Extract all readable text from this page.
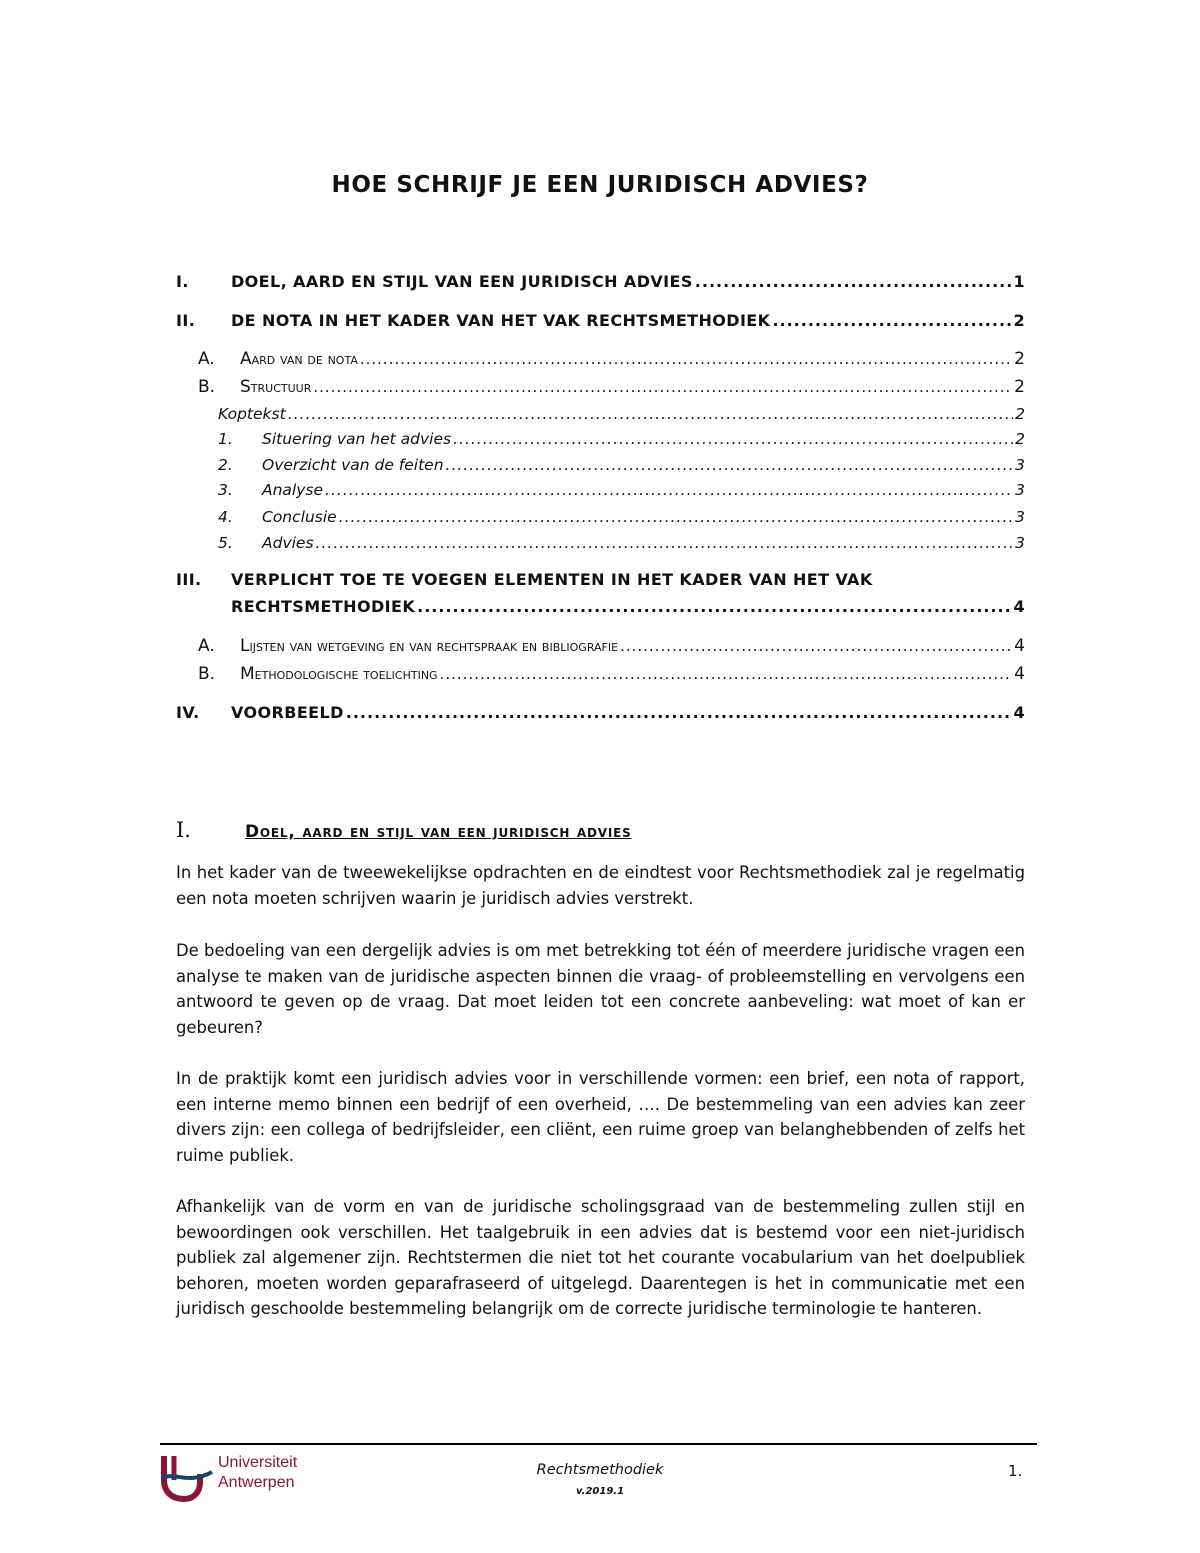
HOE SCHRIJF JE EEN JURIDISCH ADVIES?
I.	DOEL, AARD EN STIJL VAN EEN JURIDISCH ADVIES .....	1
II.	DE NOTA IN HET KADER VAN HET VAK RECHTSMETHODIEK .....	2
A.	Aard van de nota .....	2
B.	Structuur .....	2
Koptekst .....	2
1.	Situering van het advies .....	2
2.	Overzicht van de feiten .....	3
3.	Analyse .....	3
4.	Conclusie .....	3
5.	Advies .....	3
III.	VERPLICHT TOE TE VOEGEN ELEMENTEN IN HET KADER VAN HET VAK
RECHTSMETHODIEK .....	4
A.	Lijsten van wetgeving en van rechtspraak en bibliografie .....	4
B.	Methodologische toelichting .....	4
IV.	VOORBEELD .....	4
I.	Doel, aard en stijl van een juridisch advies

In het kader van de tweewekelijkse opdrachten en de eindtest voor Rechtsmethodiek zal je regelmatig een nota moeten schrijven waarin je juridisch advies verstrekt.

De bedoeling van een dergelijk advies is om met betrekking tot één of meerdere juridische vragen een analyse te maken van de juridische aspecten binnen die vraag- of probleemstelling en vervolgens een antwoord te geven op de vraag. Dat moet leiden tot een concrete aanbeveling: wat moet of kan er gebeuren?

In de praktijk komt een juridisch advies voor in verschillende vormen: een brief, een nota of rapport, een interne memo binnen een bedrijf of een overheid, …. De bestemmeling van een advies kan zeer divers zijn: een collega of bedrijfsleider, een cliënt, een ruime groep van belanghebbenden of zelfs het ruime publiek.

Afhankelijk van de vorm en van de juridische scholingsgraad van de bestemmeling zullen stijl en bewoordingen ook verschillen. Het taalgebruik in een advies dat is bestemd voor een niet-juridisch publiek zal algemener zijn. Rechtstermen die niet tot het courante vocabularium van het doelpubliek behoren, moeten worden geparafraseerd of uitgelegd. Daarentegen is het in communicatie met een juridisch geschoolde bestemmeling belangrijk om de correcte juridische terminologie te hanteren.

Universiteit
Antwerpen
Rechtsmethodiek
v.2019.1
1.
